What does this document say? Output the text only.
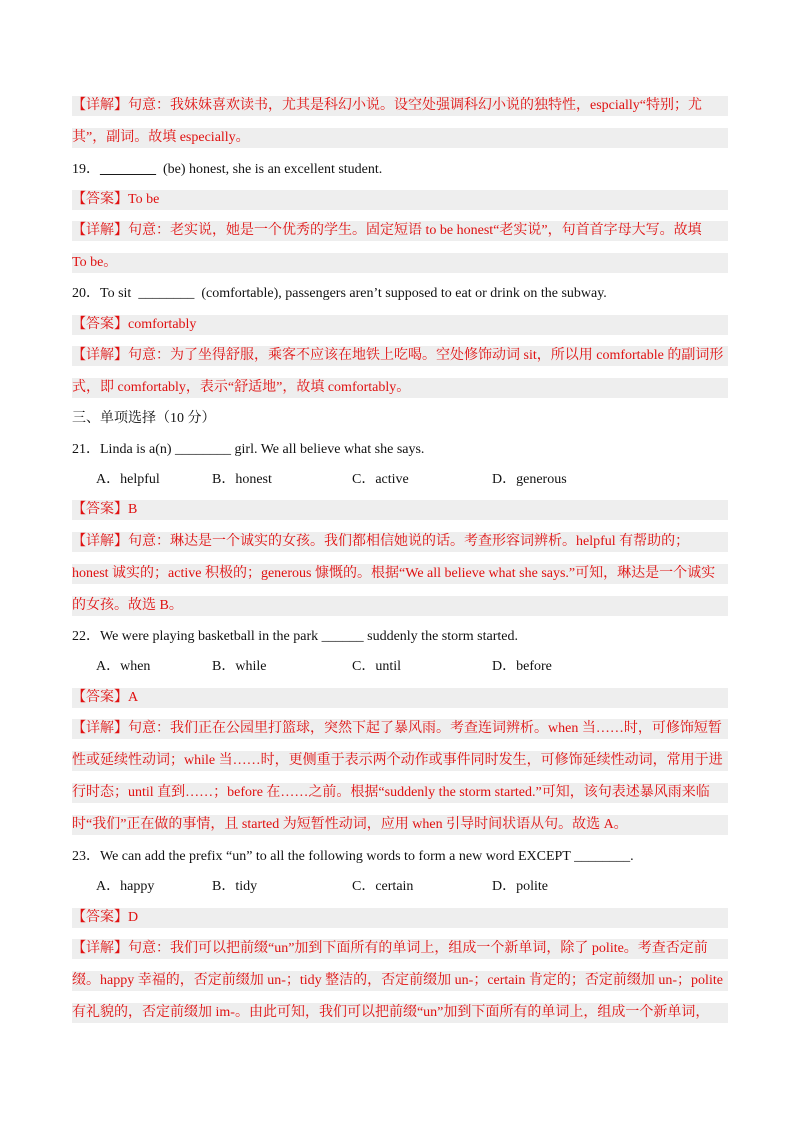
【详解】句意：我妹妹喜欢读书，尤其是科幻小说。设空处强调科幻小说的独特性，espcially“特别；尤
其”，副词。故填 especially。
19．________  (be) honest, she is an excellent student.
【答案】To be
【详解】句意：老实说，她是一个优秀的学生。固定短语 to be honest“老实说”，句首首字母大写。故填
To be。
20．To sit  ________  (comfortable), passengers aren’t supposed to eat or drink on the subway.
【答案】comfortably
【详解】句意：为了坐得舒服，乘客不应该在地铁上吃喝。空处修饰动词 sit，所以用 comfortable 的副词形
式，即 comfortably，表示“舒适地”，故填 comfortably。
三、单项选择（10 分）
21．Linda is a(n) ________ girl. We all believe what she says.
A．helpful	B．honest	C．active	D．generous
【答案】B
【详解】句意：琳达是一个诚实的女孩。我们都相信她说的话。考查形容词辨析。helpful 有帮助的；
honest 诚实的；active 积极的；generous 慷慨的。根据“We all believe what she says.”可知，琳达是一个诚实
的女孩。故选 B。
22．We were playing basketball in the park ______ suddenly the storm started.
A．when	B．while	C．until	D．before
【答案】A
【详解】句意：我们正在公园里打篮球，突然下起了暴风雨。考查连词辨析。when 当……时，可修饰短暂
性或延续性动词；while 当……时，更侧重于表示两个动作或事件同时发生，可修饰延续性动词，常用于进
行时态；until 直到……；before 在……之前。根据“suddenly the storm started.”可知，该句表述暴风雨来临
时“我们”正在做的事情，且 started 为短暂性动词，应用 when 引导时间状语从句。故选 A。
23．We can add the prefix “un” to all the following words to form a new word EXCEPT ________.
A．happy	B．tidy	C．certain	D．polite
【答案】D
【详解】句意：我们可以把前缀“un”加到下面所有的单词上，组成一个新单词，除了 polite。考查否定前
缀。happy 幸福的，否定前缀加 un-；tidy 整洁的，否定前缀加 un-；certain 肯定的；否定前缀加 un-；polite
有礼貌的，否定前缀加 im-。由此可知，我们可以把前缀“un”加到下面所有的单词上，组成一个新单词，
